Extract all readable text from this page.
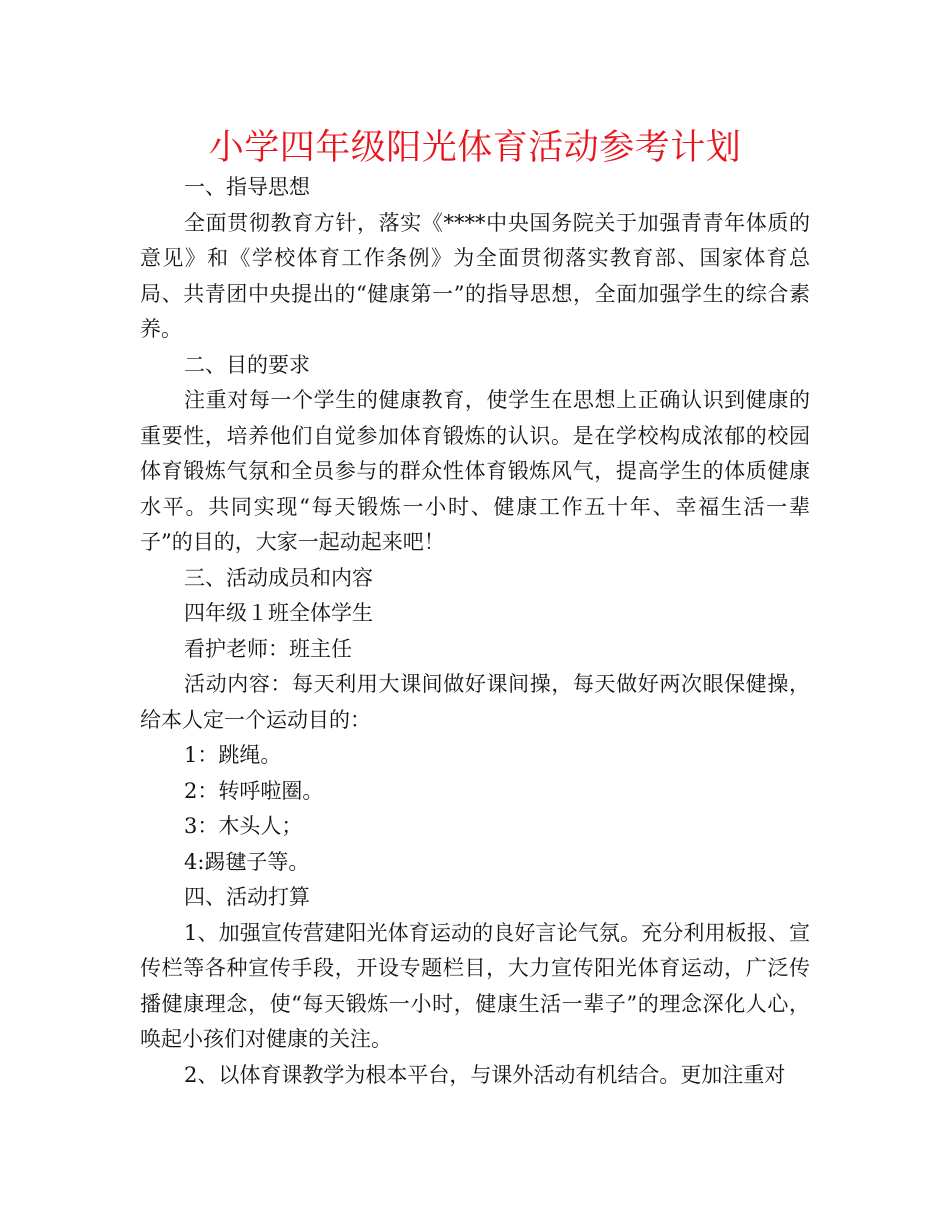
小学四年级阳光体育活动参考计划

一、指导思想

全面贯彻教育方针，落实《****中央国务院关于加强青青年体质的意见》和《学校体育工作条例》为全面贯彻落实教育部、国家体育总局、共青团中央提出的“健康第一”的指导思想，全面加强学生的综合素养。

二、目的要求

注重对每一个学生的健康教育，使学生在思想上正确认识到健康的重要性，培养他们自觉参加体育锻炼的认识。是在学校构成浓郁的校园体育锻炼气氛和全员参与的群众性体育锻炼风气，提高学生的体质健康水平。共同实现“每天锻炼一小时、健康工作五十年、幸福生活一辈子”的目的，大家一起动起来吧！

三、活动成员和内容

四年级１班全体学生

看护老师：班主任

活动内容：每天利用大课间做好课间操，每天做好两次眼保健操，给本人定一个运动目的：

1：跳绳。

2：转呼啦圈。

3：木头人；

4:踢毽子等。

四、活动打算

1、加强宣传营建阳光体育运动的良好言论气氛。充分利用板报、宣传栏等各种宣传手段，开设专题栏目，大力宣传阳光体育运动，广泛传播健康理念，使“每天锻炼一小时，健康生活一辈子”的理念深化人心，唤起小孩们对健康的关注。

2、以体育课教学为根本平台，与课外活动有机结合。更加注重对
